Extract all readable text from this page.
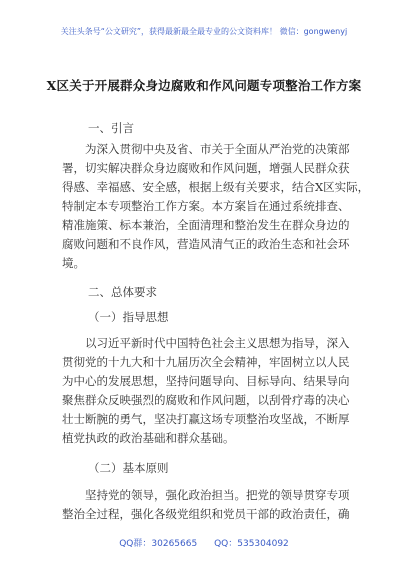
关注头条号“公文研究”，获得最新最全最专业的公文资料库！ 微信：gongwenyj
X区关于开展群众身边腐败和作风问题专项整治工作方案
一、引言
为深入贯彻中央及省、市关于全面从严治党的决策部
署，切实解决群众身边腐败和作风问题，增强人民群众获
得感、幸福感、安全感，根据上级有关要求，结合X区实际，
特制定本专项整治工作方案。本方案旨在通过系统排查、
精准施策、标本兼治，全面清理和整治发生在群众身边的
腐败问题和不良作风，营造风清气正的政治生态和社会环
境。
二、总体要求
（一）指导思想
以习近平新时代中国特色社会主义思想为指导，深入
贯彻党的十九大和十九届历次全会精神，牢固树立以人民
为中心的发展思想，坚持问题导向、目标导向、结果导向
聚焦群众反映强烈的腐败和作风问题，以刮骨疗毒的决心
壮士断腕的勇气，坚决打赢这场专项整治攻坚战，不断厚
植党执政的政治基础和群众基础。
（二）基本原则
坚持党的领导，强化政治担当。把党的领导贯穿专项
整治全过程，强化各级党组织和党员干部的政治责任，确
QQ群：30265665 QQ：535304092
